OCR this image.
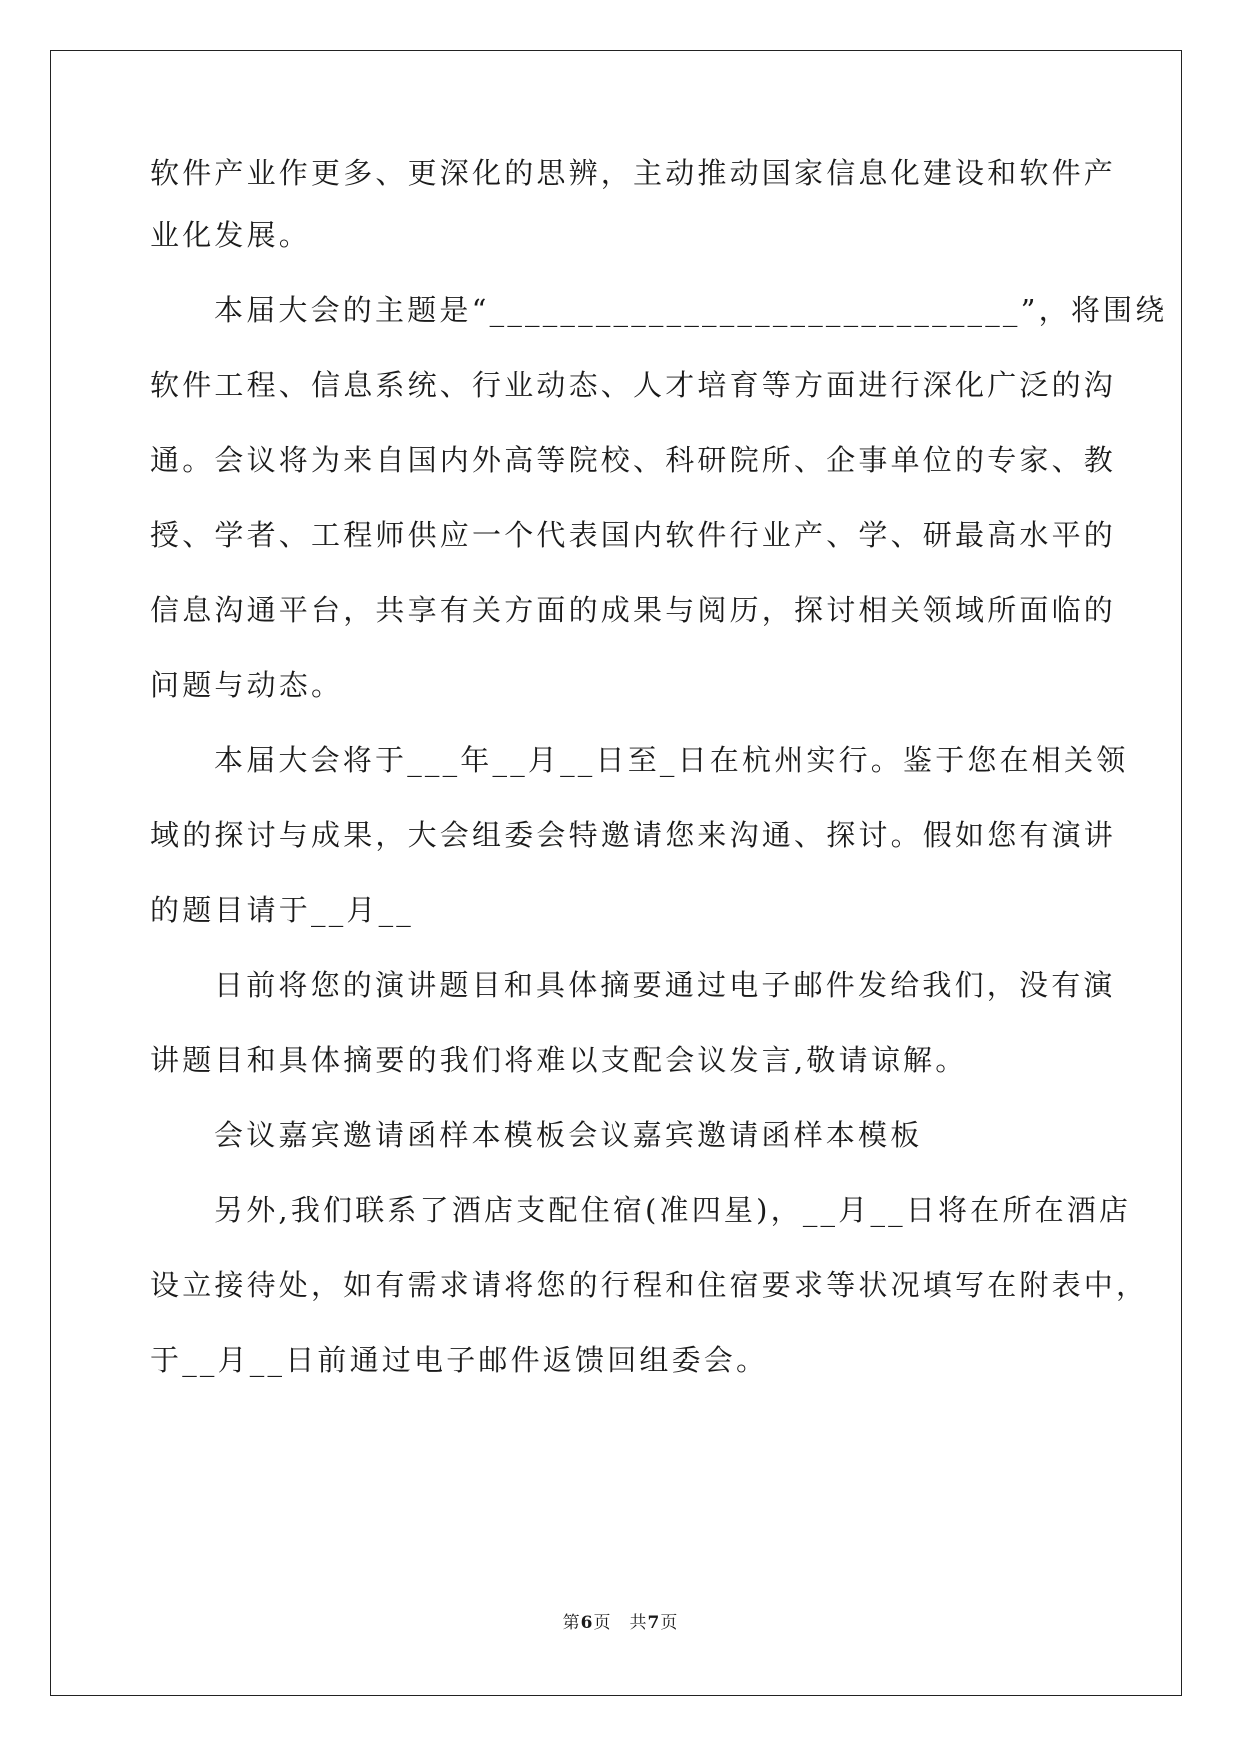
软件产业作更多、更深化的思辨，主动推动国家信息化建设和软件产
业化发展。
本届大会的主题是“______________________________”，将围绕
软件工程、信息系统、行业动态、人才培育等方面进行深化广泛的沟
通。会议将为来自国内外高等院校、科研院所、企事单位的专家、教
授、学者、工程师供应一个代表国内软件行业产、学、研最高水平的
信息沟通平台，共享有关方面的成果与阅历，探讨相关领域所面临的
问题与动态。
本届大会将于___年__月__日至_日在杭州实行。鉴于您在相关领
域的探讨与成果，大会组委会特邀请您来沟通、探讨。假如您有演讲
的题目请于__月__
日前将您的演讲题目和具体摘要通过电子邮件发给我们，没有演
讲题目和具体摘要的我们将难以支配会议发言,敬请谅解。
会议嘉宾邀请函样本模板会议嘉宾邀请函样本模板
另外,我们联系了酒店支配住宿(准四星)，__月__日将在所在酒店
设立接待处，如有需求请将您的行程和住宿要求等状况填写在附表中，
于__月__日前通过电子邮件返馈回组委会。
第6页　共7页
